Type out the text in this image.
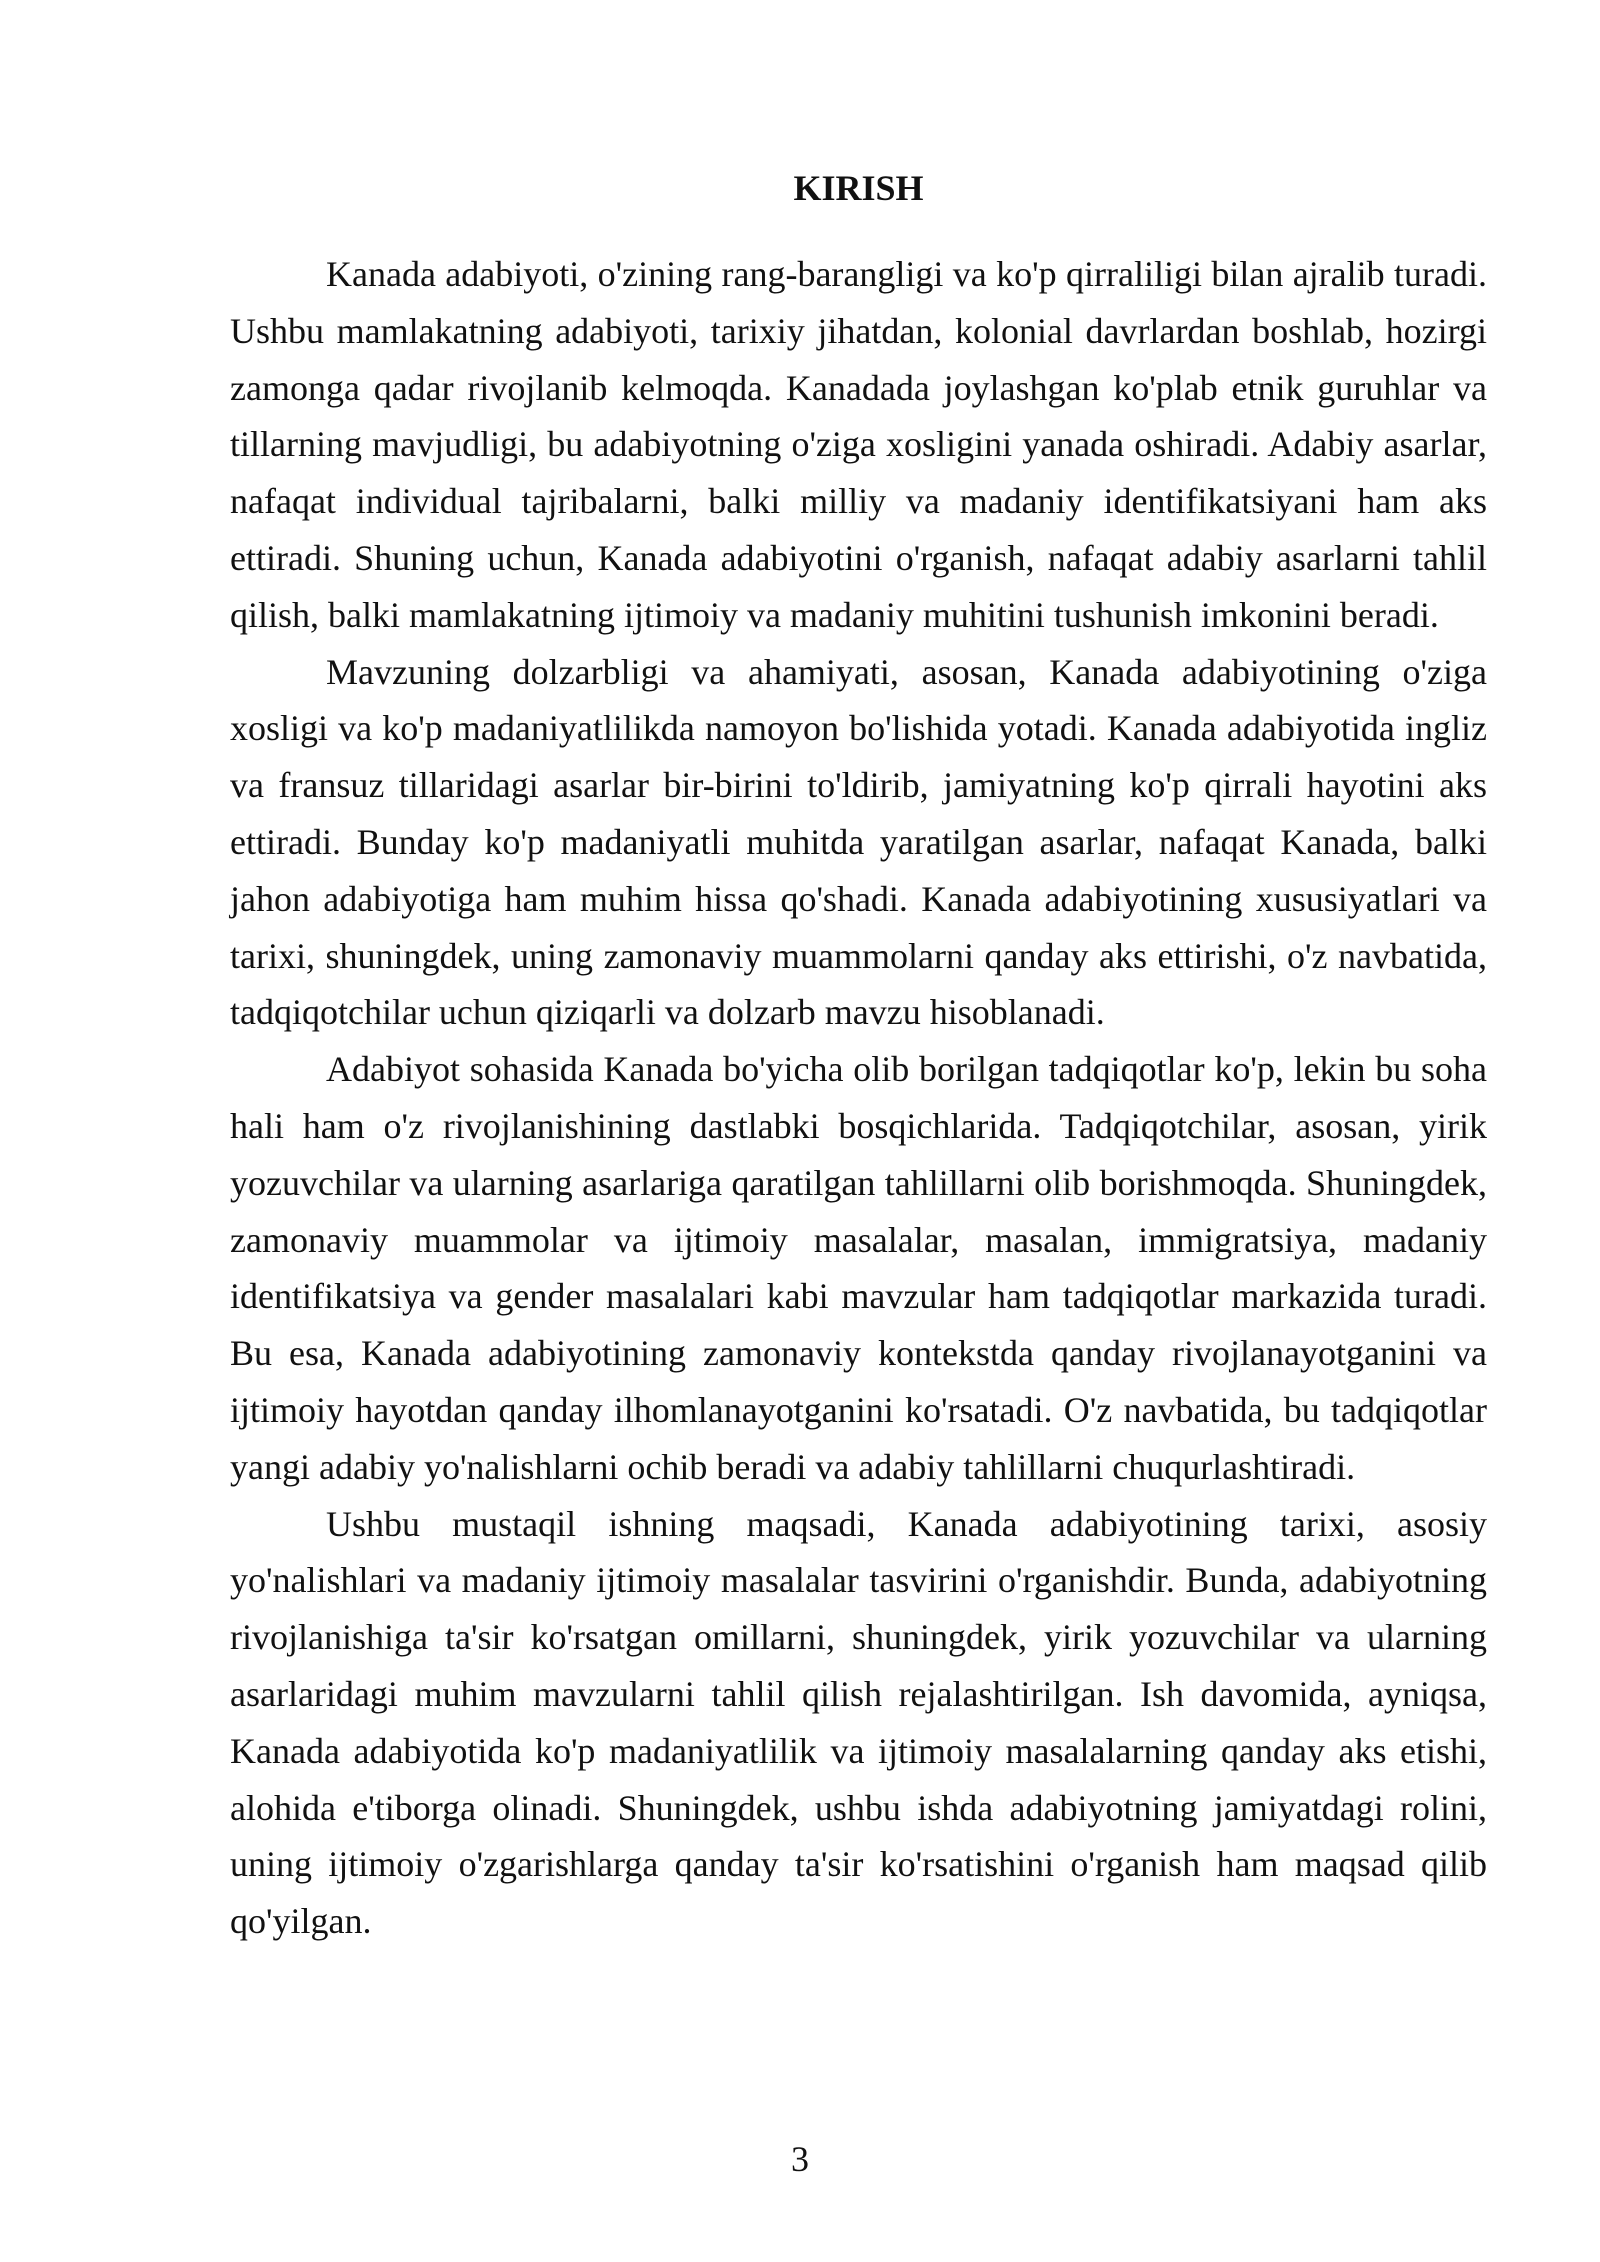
KIRISH

Kanada adabiyoti, o'zining rang-barangligi va ko'p qirraliligi bilan ajralib turadi. Ushbu mamlakatning adabiyoti, tarixiy jihatdan, kolonial davrlardan boshlab, hozirgi zamonga qadar rivojlanib kelmoqda. Kanadada joylashgan ko'plab etnik guruhlar va tillarning mavjudligi, bu adabiyotning o'ziga xosligini yanada oshiradi. Adabiy asarlar, nafaqat individual tajribalarni, balki milliy va madaniy identifikatsiyani ham aks ettiradi. Shuning uchun, Kanada adabiyotini o'rganish, nafaqat adabiy asarlarni tahlil qilish, balki mamlakatning ijtimoiy va madaniy muhitini tushunish imkonini beradi.

Mavzuning dolzarbligi va ahamiyati, asosan, Kanada adabiyotining o'ziga xosligi va ko'p madaniyatlilikda namoyon bo'lishida yotadi. Kanada adabiyotida ingliz va fransuz tillaridagi asarlar bir-birini to'ldirib, jamiyatning ko'p qirrali hayotini aks ettiradi. Bunday ko'p madaniyatli muhitda yaratilgan asarlar, nafaqat Kanada, balki jahon adabiyotiga ham muhim hissa qo'shadi. Kanada adabiyotining xususiyatlari va tarixi, shuningdek, uning zamonaviy muammolarni qanday aks ettirishi, o'z navbatida, tadqiqotchilar uchun qiziqarli va dolzarb mavzu hisoblanadi.

Adabiyot sohasida Kanada bo'yicha olib borilgan tadqiqotlar ko'p, lekin bu soha hali ham o'z rivojlanishining dastlabki bosqichlarida. Tadqiqotchilar, asosan, yirik yozuvchilar va ularning asarlariga qaratilgan tahlillarni olib borishmoqda. Shuningdek, zamonaviy muammolar va ijtimoiy masalalar, masalan, immigratsiya, madaniy identifikatsiya va gender masalalari kabi mavzular ham tadqiqotlar markazida turadi. Bu esa, Kanada adabiyotining zamonaviy kontekstda qanday rivojlanayotganini va ijtimoiy hayotdan qanday ilhomlanayotganini ko'rsatadi. O'z navbatida, bu tadqiqotlar yangi adabiy yo'nalishlarni ochib beradi va adabiy tahlillarni chuqurlashtiradi.

Ushbu mustaqil ishning maqsadi, Kanada adabiyotining tarixi, asosiy yo'nalishlari va madaniy ijtimoiy masalalar tasvirini o'rganishdir. Bunda, adabiyotning rivojlanishiga ta'sir ko'rsatgan omillarni, shuningdek, yirik yozuvchilar va ularning asarlaridagi muhim mavzularni tahlil qilish rejalashtirilgan. Ish davomida, ayniqsa, Kanada adabiyotida ko'p madaniyatlilik va ijtimoiy masalalarning qanday aks etishi, alohida e'tiborga olinadi. Shuningdek, ushbu ishda adabiyotning jamiyatdagi rolini, uning ijtimoiy o'zgarishlarga qanday ta'sir ko'rsatishini o'rganish ham maqsad qilib qo'yilgan.

3
